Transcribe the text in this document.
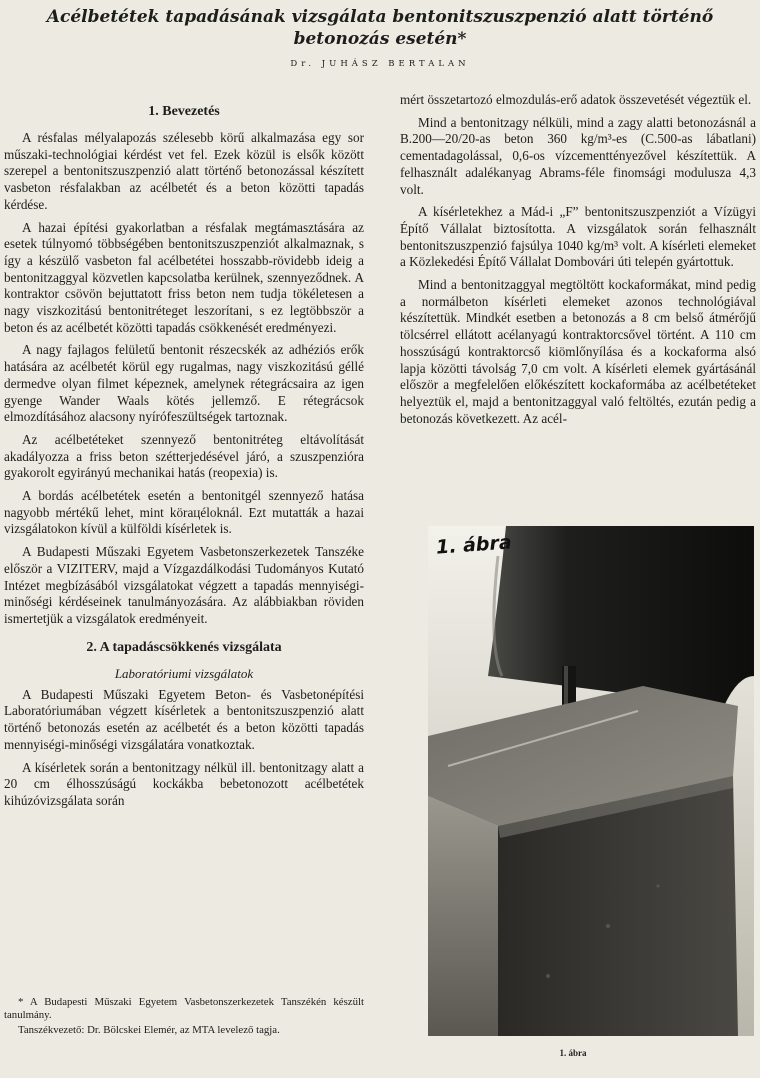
Acélbetétek tapadásának vizsgálata bentonitszuszpenzió alatt történő betonozás esetén*

Dr. JUHÁSZ BERTALAN

1. Bevezetés

A résfalas mélyalapozás szélesebb körű alkalmazása egy sor műszaki-technológiai kérdést vet fel. Ezek közül is elsők között szerepel a bentonitszuszpenzió alatt történő betonozással készített vasbeton résfalakban az acélbetét és a beton közötti tapadás kérdése.

A hazai építési gyakorlatban a résfalak megtámasztására az esetek túlnyomó többségében bentonitszuszpenziót alkalmaznak, s így a készülő vasbeton fal acélbetétei hosszabb-rövidebb ideig a bentonitzaggyal közvetlen kapcsolatba kerülnek, szennyeződnek. A kontraktor csövön bejuttatott friss beton nem tudja tökéletesen a nagy viszkozitású bentonitréteget leszorítani, s ez legtöbbször a beton és az acélbetét közötti tapadás csökkenését eredményezi.

A nagy fajlagos felületű bentonit részecskék az adhéziós erők hatására az acélbetét körül egy rugalmas, nagy viszkozitású géllé dermedve olyan filmet képeznek, amelynek rétegrácsaira az igen gyenge Wander Waals kötés jellemző. E rétegrácsok elmozdításához alacsony nyírófeszültségek tartoznak.

Az acélbetéteket szennyező bentonitréteg eltávolítását akadályozza a friss beton szétterjedésével járó, a szuszpenzióra gyakorolt egyirányú mechanikai hatás (reopexia) is.

A bordás acélbetétek esetén a bentonitgél szennyező hatása nagyobb mértékű lehet, mint körацéloknál. Ezt mutatták a hazai vizsgálatokon kívül a külföldi kísérletek is.

A Budapesti Műszaki Egyetem Vasbetonszerkezetek Tanszéke először a VIZITERV, majd a Vízgazdálkodási Tudományos Kutató Intézet megbízásából vizsgálatokat végzett a tapadás mennyiségi-minőségi kérdéseinek tanulmányozására. Az alábbiakban röviden ismertetjük a vizsgálatok eredményeit.

2. A tapadáscsökkenés vizsgálata

Laboratóriumi vizsgálatok

A Budapesti Műszaki Egyetem Beton- és Vasbetonépítési Laboratóriumában végzett kísérletek a bentonitszuszpenzió alatt történő betonozás esetén az acélbetét és a beton közötti tapadás mennyiségi-minőségi vizsgálatára vonatkoztak.

A kísérletek során a bentonitzagy nélkül ill. bentonitzagy alatt a 20 cm élhosszúságú kockákba bebetonozott acélbetétek kihúzóvizsgálata során

mért összetartozó elmozdulás-erő adatok összevetését végeztük el.

Mind a bentonitzagy nélküli, mind a zagy alatti betonozásnál a B.200—20/20-as beton 360 kg/m³-es (C.500-as lábatlani) cementadagolással, 0,6-os vízcementtényezővel készítettük. A felhasznált adalékanyag Abrams-féle finomsági modulusza 4,3 volt.

A kísérletekhez a Mád-i „F” bentonitszuszpenziót a Vízügyi Építő Vállalat biztosította. A vizsgálatok során felhasznált bentonitszuszpenzió fajsúlya 1040 kg/m³ volt. A kísérleti elemeket a Közlekedési Építő Vállalat Dombovári úti telepén gyártottuk.

Mind a bentonitzaggyal megtöltött kockaformákat, mind pedig a normálbeton kísérleti elemeket azonos technológiával készítettük. Mindkét esetben a betonozás a 8 cm belső átmérőjű tölcsérrel ellátott acélanyagú kontraktorcsővel történt. A 110 cm hosszúságú kontraktorcső kiömlőnyílása és a kockaforma alsó lapja közötti távolság 7,0 cm volt. A kísérleti elemek gyártásánál először a megfelelően előkészített kockaformába az acélbetéteket helyeztük el, majd a bentonitzaggyal való feltöltés, ezután pedig a betonozás következett. Az acél-

1. ábra
1. ábra

* A Budapesti Műszaki Egyetem Vasbetonszerkezetek Tanszékén készült tanulmány.

Tanszékvezető: Dr. Bölcskei Elemér, az MTA levelező tagja.
